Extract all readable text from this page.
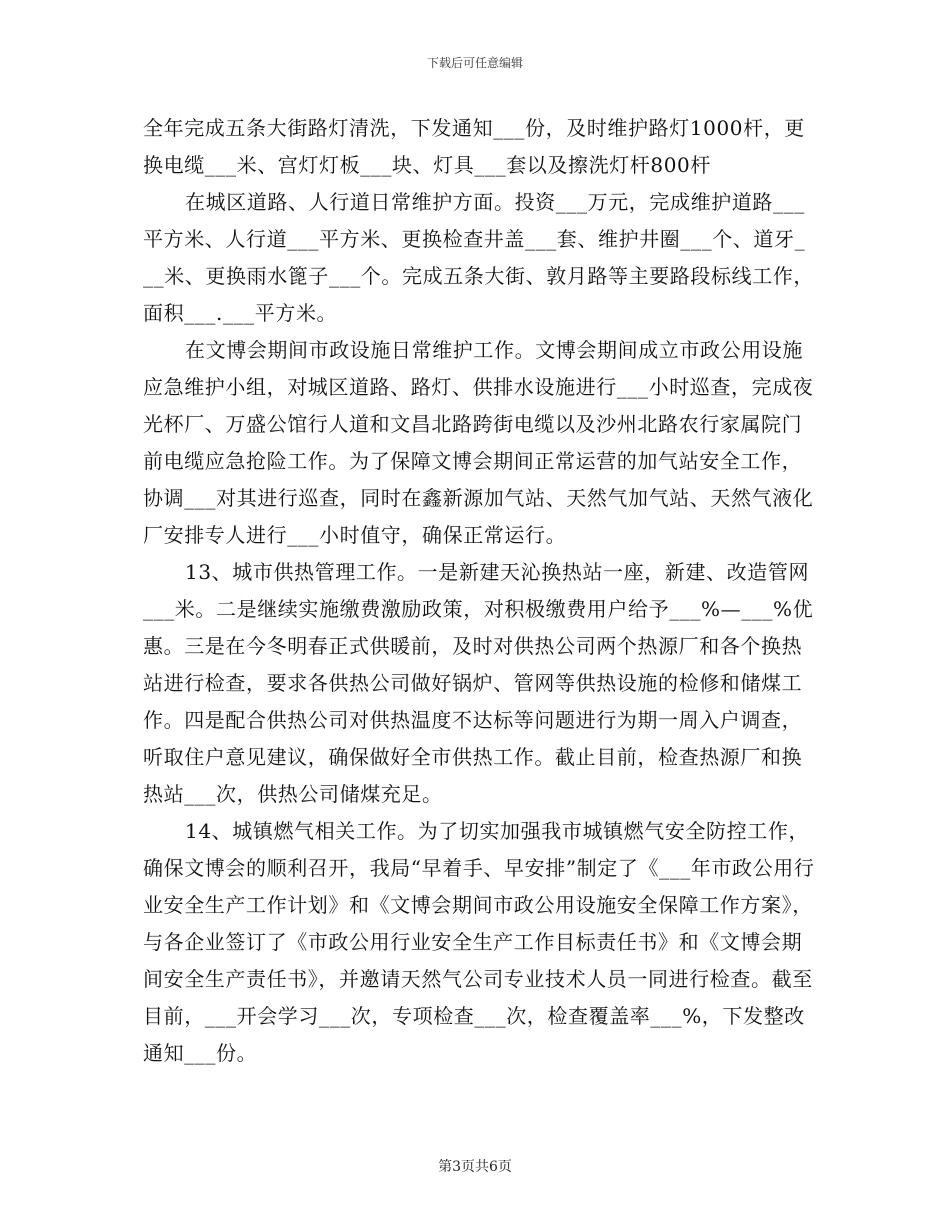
下载后可任意编辑

全年完成五条大街路灯清洗，下发通知___份，及时维护路灯1000杆，更换电缆___米、宫灯灯板___块、灯具___套以及擦洗灯杆800杆

在城区道路、人行道日常维护方面。投资___万元，完成维护道路___平方米、人行道___平方米、更换检查井盖___套、维护井圈___个、道牙___米、更换雨水篦子___个。完成五条大街、敦月路等主要路段标线工作，面积___.___平方米。

在文博会期间市政设施日常维护工作。文博会期间成立市政公用设施应急维护小组，对城区道路、路灯、供排水设施进行___小时巡查，完成夜光杯厂、万盛公馆行人道和文昌北路跨街电缆以及沙州北路农行家属院门前电缆应急抢险工作。为了保障文博会期间正常运营的加气站安全工作，协调___对其进行巡查，同时在鑫新源加气站、天然气加气站、天然气液化厂安排专人进行___小时值守，确保正常运行。

13、城市供热管理工作。一是新建天沁换热站一座，新建、改造管网___米。二是继续实施缴费激励政策，对积极缴费用户给予___%—___%优惠。三是在今冬明春正式供暖前，及时对供热公司两个热源厂和各个换热站进行检查，要求各供热公司做好锅炉、管网等供热设施的检修和储煤工作。四是配合供热公司对供热温度不达标等问题进行为期一周入户调查，听取住户意见建议，确保做好全市供热工作。截止目前，检查热源厂和换热站___次，供热公司储煤充足。

14、城镇燃气相关工作。为了切实加强我市城镇燃气安全防控工作，确保文博会的顺利召开，我局“早着手、早安排”制定了《___年市政公用行业安全生产工作计划》和《文博会期间市政公用设施安全保障工作方案》，与各企业签订了《市政公用行业安全生产工作目标责任书》和《文博会期间安全生产责任书》，并邀请天然气公司专业技术人员一同进行检查。截至目前，___开会学习___次，专项检查___次，检查覆盖率___%，下发整改通知___份。

第3页共6页
